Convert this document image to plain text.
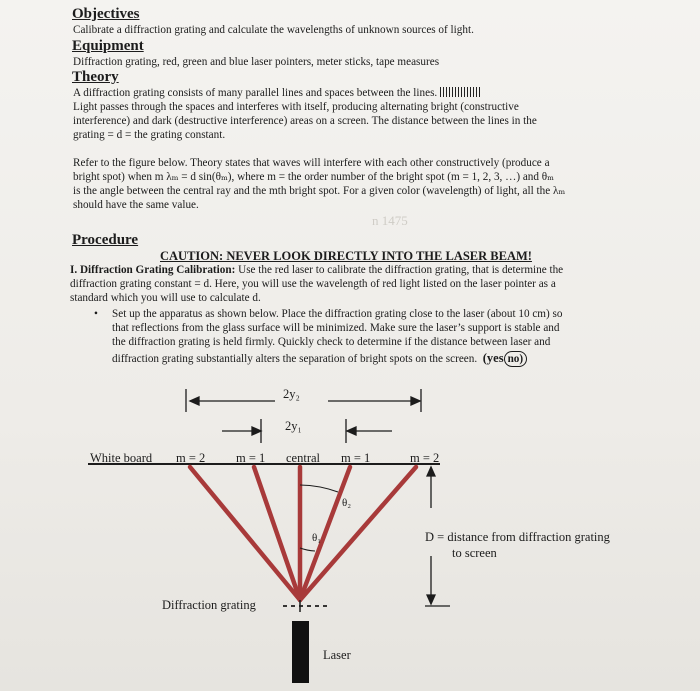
Objectives
Calibrate a diffraction grating and calculate the wavelengths of unknown sources of light.
Equipment
Diffraction grating, red, green and blue laser pointers, meter sticks, tape measures
Theory
A diffraction grating consists of many parallel lines and spaces between the lines.
Light passes through the spaces and interferes with itself, producing alternating bright (constructive
interference) and dark (destructive interference) areas on a screen. The distance between the lines in the
grating = d = the grating constant.
Refer to the figure below. Theory states that waves will interfere with each other constructively (produce a
bright spot) when m λₘ = d sin(θₘ), where m = the order number of the bright spot (m = 1, 2, 3, …) and θₘ
is the angle between the central ray and the mth bright spot. For a given color (wavelength) of light, all the λₘ
should have the same value.
n 1475
Procedure
CAUTION: NEVER LOOK DIRECTLY INTO THE LASER BEAM!
I. Diffraction Grating Calibration: Use the red laser to calibrate the diffraction grating, that is determine the
diffraction grating constant = d. Here, you will use the wavelength of red light listed on the laser pointer as a
standard which you will use to calculate d.
• Set up the apparatus as shown below. Place the diffraction grating close to the laser (about 10 cm) so
that reflections from the glass surface will be minimized. Make sure the laser’s support is stable and
the diffraction grating is held firmly. Quickly check to determine if the distance between laser and
diffraction grating substantially alters the separation of bright spots on the screen. (yes no)
2y₂
2y₁
White board m = 2 m = 1 central m = 1	m = 2
θ₁
θ₂
D = distance from diffraction grating
to screen
Diffraction grating
Laser
